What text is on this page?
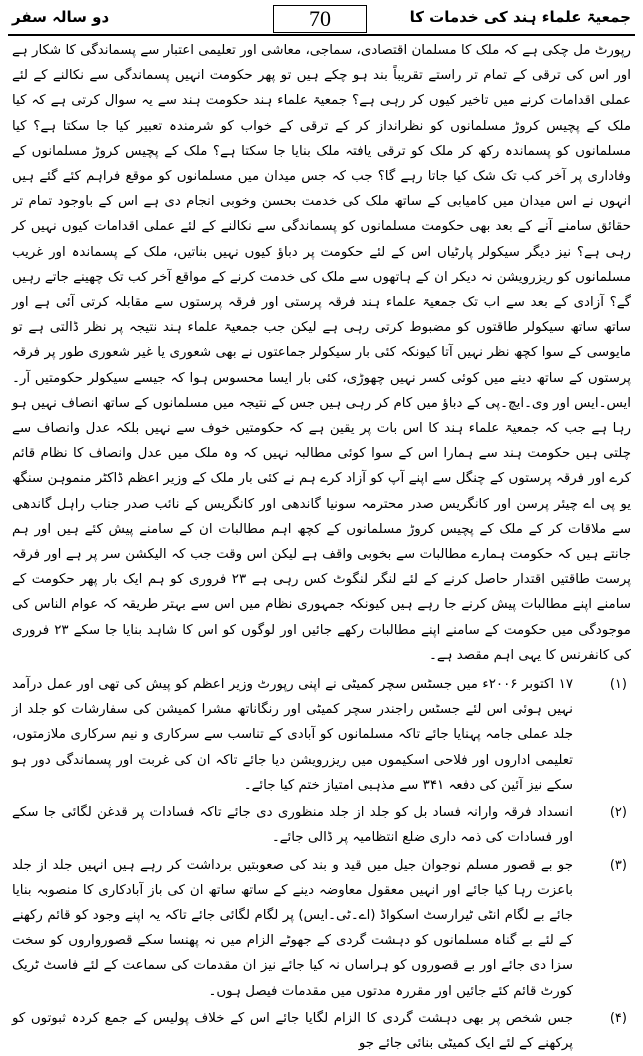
جمعیۃ علماء ہند کی خدمات کا
70
دو سالہ سفر

رپورٹ مل چکی ہے کہ ملک کا مسلمان اقتصادی، سماجی، معاشی اور تعلیمی اعتبار سے پسماندگی کا شکار ہے اور اس کی ترقی کے تمام تر راستے تقریباً بند ہو چکے ہیں تو پھر حکومت انہیں پسماندگی سے نکالنے کے لئے عملی اقدامات کرنے میں تاخیر کیوں کر رہی ہے؟ جمعیۃ علماء ہند حکومت ہند سے یہ سوال کرتی ہے کہ کیا ملک کے پچیس کروڑ مسلمانوں کو نظرانداز کر کے ترقی کے خواب کو شرمندہ تعبیر کیا جا سکتا ہے؟ کیا مسلمانوں کو پسماندہ رکھ کر ملک کو ترقی یافتہ ملک بنایا جا سکتا ہے؟ ملک کے پچیس کروڑ مسلمانوں کے وفاداری پر آخر کب تک شک کیا جاتا رہے گا؟ جب کہ جس میدان میں مسلمانوں کو موقع فراہم کئے گئے ہیں انہوں نے اس میدان میں کامیابی کے ساتھ ملک کی خدمت بحسن وخوبی انجام دی ہے اس کے باوجود تمام تر حقائق سامنے آنے کے بعد بھی حکومت مسلمانوں کو پسماندگی سے نکالنے کے لئے عملی اقدامات کیوں نہیں کر رہی ہے؟ نیز دیگر سیکولر پارٹیاں اس کے لئے حکومت پر دباؤ کیوں نہیں بناتیں، ملک کے پسماندہ اور غریب مسلمانوں کو ریزرویشن نہ دیکر ان کے ہاتھوں سے ملک کی خدمت کرنے کے مواقع آخر کب تک چھینے جاتے رہیں گے؟ آزادی کے بعد سے اب تک جمعیۃ علماء ہند فرقہ پرستی اور فرقہ پرستوں سے مقابلہ کرتی آئی ہے اور ساتھ ساتھ سیکولر طاقتوں کو مضبوط کرتی رہی ہے لیکن جب جمعیۃ علماء ہند نتیجہ پر نظر ڈالتی ہے تو مایوسی کے سوا کچھ نظر نہیں آتا کیونکہ کئی بار سیکولر جماعتوں نے بھی شعوری یا غیر شعوری طور پر فرقہ پرستوں کے ساتھ دینے میں کوئی کسر نہیں چھوڑی، کئی بار ایسا محسوس ہوا کہ جیسے سیکولر حکومتیں آر۔ایس۔ایس اور وی۔ایچ۔پی کے دباؤ میں کام کر رہی ہیں جس کے نتیجہ میں مسلمانوں کے ساتھ انصاف نہیں ہو رہا ہے جب کہ جمعیۃ علماء ہند کا اس بات پر یقین ہے کہ حکومتیں خوف سے نہیں بلکہ عدل وانصاف سے چلتی ہیں حکومت ہند سے ہمارا اس کے سوا کوئی مطالبہ نہیں کہ وہ ملک میں عدل وانصاف کا نظام قائم کرے اور فرقہ پرستوں کے چنگل سے اپنے آپ کو آزاد کرے ہم نے کئی بار ملک کے وزیر اعظم ڈاکٹر منموہن سنگھ یو پی اے چیئر پرسن اور کانگریس صدر محترمہ سونیا گاندھی اور کانگریس کے نائب صدر جناب راہل گاندھی سے ملاقات کر کے ملک کے پچیس کروڑ مسلمانوں کے کچھ اہم مطالبات ان کے سامنے پیش کئے ہیں اور ہم جانتے ہیں کہ حکومت ہمارے مطالبات سے بخوبی واقف ہے لیکن اس وقت جب کہ الیکشن سر پر ہے اور فرقہ پرست طاقتیں اقتدار حاصل کرنے کے لئے لنگر لنگوٹ کس رہی ہے ۲۳ فروری کو ہم ایک بار پھر حکومت کے سامنے اپنے مطالبات پیش کرنے جا رہے ہیں کیونکہ جمہوری نظام میں اس سے بہتر طریقہ کہ عوام الناس کی موجودگی میں حکومت کے سامنے اپنے مطالبات رکھے جائیں اور لوگوں کو اس کا شاہد بنایا جا سکے ۲۳ فروری کی کانفرنس کا یہی اہم مقصد ہے۔

(۱)
۱۷ اکتوبر ۲۰۰۶ء میں جسٹس سچر کمیٹی نے اپنی رپورٹ وزیر اعظم کو پیش کی تھی اور عمل درآمد نہیں ہوئی اس لئے جسٹس راجندر سچر کمیٹی اور رنگاناتھ مشرا کمیشن کی سفارشات کو جلد از جلد عملی جامہ پہنایا جائے تاکہ مسلمانوں کو آبادی کے تناسب سے سرکاری و نیم سرکاری ملازمتوں، تعلیمی اداروں اور فلاحی اسکیموں میں ریزرویشن دیا جائے تاکہ ان کی غربت اور پسماندگی دور ہو سکے نیز آئین کی دفعہ ۳۴۱ سے مذہبی امتیاز ختم کیا جائے۔
(۲)
انسداد فرقہ وارانہ فساد بل کو جلد از جلد منظوری دی جائے تاکہ فسادات پر قدغن لگائی جا سکے اور فسادات کی ذمہ داری ضلع انتظامیہ پر ڈالی جائے۔
(۳)
جو بے قصور مسلم نوجوان جیل میں قید و بند کی صعوبتیں برداشت کر رہے ہیں انہیں جلد از جلد باعزت رہا کیا جائے اور انہیں معقول معاوضہ دینے کے ساتھ ساتھ ان کی باز آبادکاری کا منصوبہ بنایا جائے بے لگام انٹی ٹیرارسٹ اسکواڈ (اے۔ٹی۔ایس) پر لگام لگائی جائے تاکہ یہ اپنے وجود کو قائم رکھنے کے لئے بے گناہ مسلمانوں کو دہشت گردی کے جھوٹے الزام میں نہ پھنسا سکے قصورواروں کو سخت سزا دی جائے اور بے قصوروں کو ہراساں نہ کیا جائے نیز ان مقدمات کی سماعت کے لئے فاسٹ ٹریک کورٹ قائم کئے جائیں اور مقررہ مدتوں میں مقدمات فیصل ہوں۔
(۴)
جس شخص پر بھی دہشت گردی کا الزام لگایا جائے اس کے خلاف پولیس کے جمع کردہ ثبوتوں کو پرکھنے کے لئے ایک کمیٹی بنائی جائے جو
